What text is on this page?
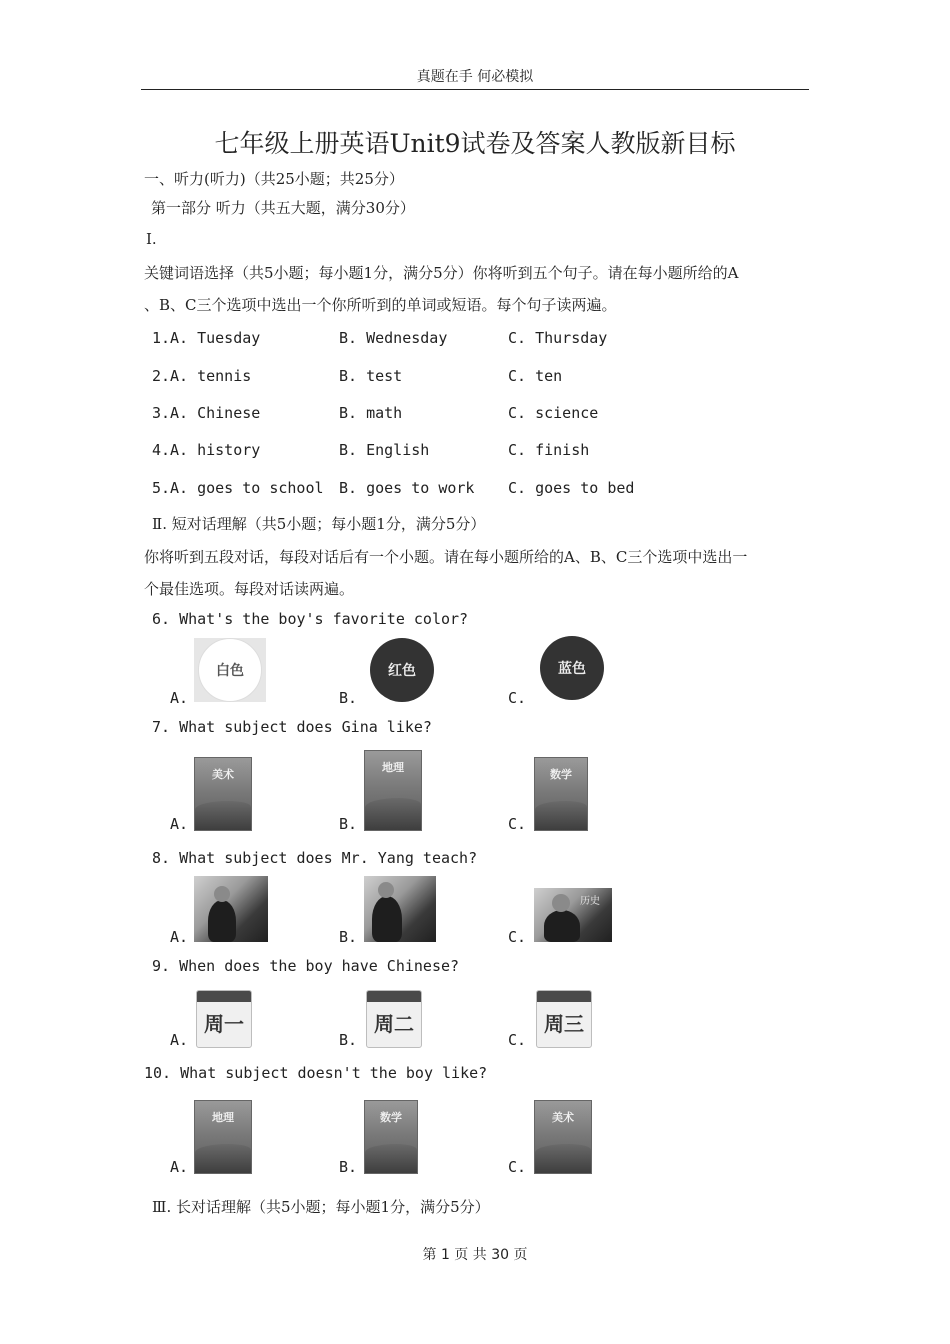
真题在手 何必模拟
七年级上册英语Unit9试卷及答案人教版新目标
一、听力(听力)（共25小题；共25分）
第一部分 听力（共五大题，满分30分）
Ⅰ.
关键词语选择（共5小题；每小题1分，满分5分）你将听到五个句子。请在每小题所给的A
、B、C三个选项中选出一个你所听到的单词或短语。每个句子读两遍。
1. A. Tuesday	B. Wednesday	C. Thursday
2. A. tennis	B. test	C. ten
3. A. Chinese	B. math	C. science
4. A. history	B. English	C. finish
5. A. goes to school B. goes to work C. goes to bed
Ⅱ. 短对话理解（共5小题；每小题1分，满分5分）
你将听到五段对话，每段对话后有一个小题。请在每小题所给的A、B、C三个选项中选出一
个最佳选项。每段对话读两遍。
6. What's the boy's favorite color?
白色	红色	蓝色
A.	B.	C.
7. What subject does Gina like?
美术
地理
数学
A.	B.	C.
8. What subject does Mr. Yang teach?
历史
A.	B.	C.
9. When does the boy have Chinese?
周一	周二	周三
A.	B.	C.
10. What subject doesn't the boy like?
地理	数学	美术
A.	B.	C.
Ⅲ. 长对话理解（共5小题；每小题1分，满分5分）
第 1 页 共 30 页
